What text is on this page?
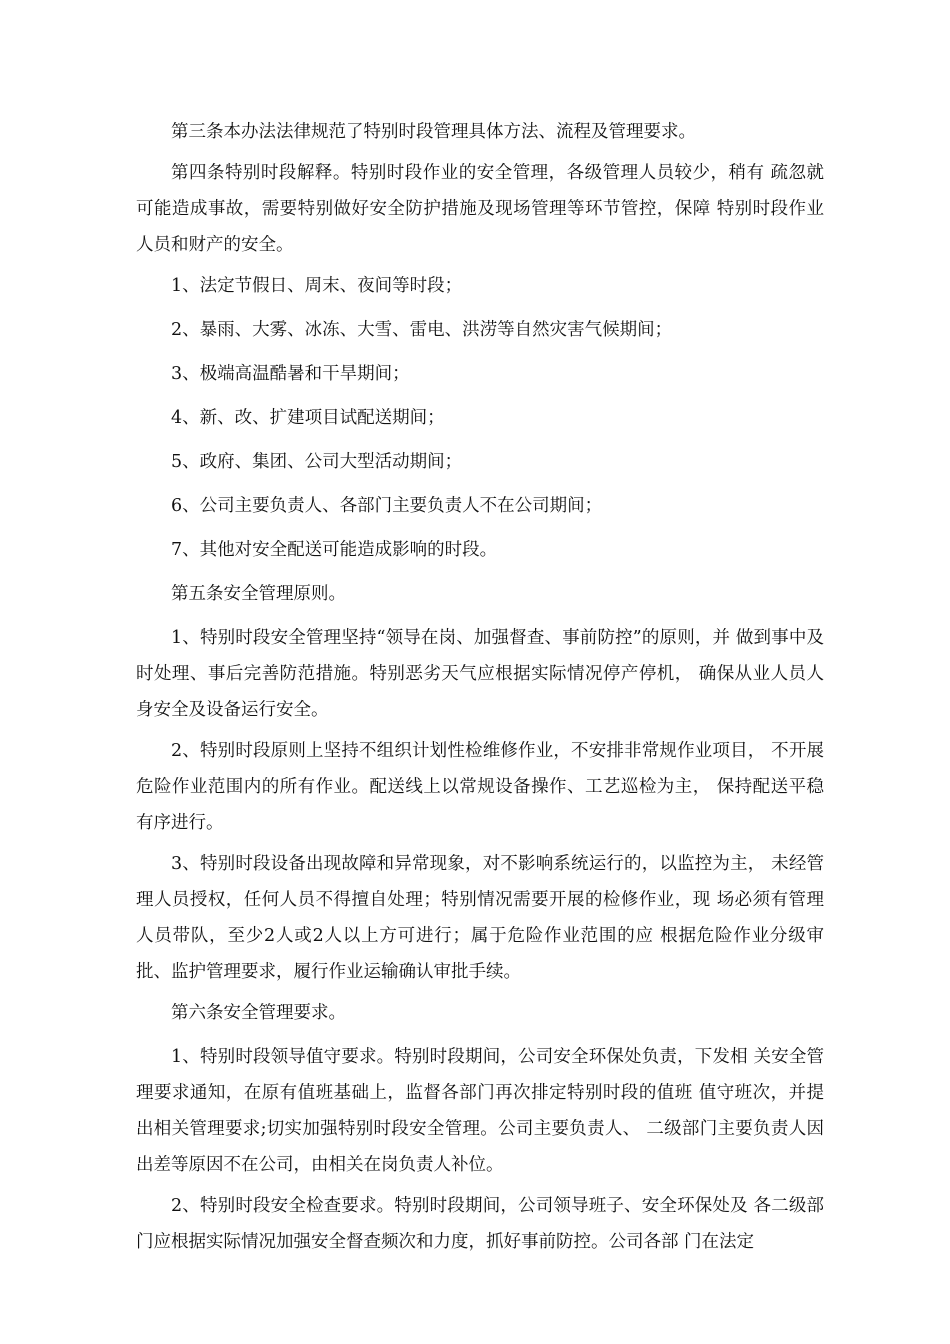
第三条本办法法律规范了特别时段管理具体方法、流程及管理要求。

第四条特别时段解释。特别时段作业的安全管理，各级管理人员较少，稍有 疏忽就可能造成事故，需要特别做好安全防护措施及现场管理等环节管控，保障 特别时段作业人员和财产的安全。

1、法定节假日、周末、夜间等时段；

2、暴雨、大雾、冰冻、大雪、雷电、洪涝等自然灾害气候期间；

3、极端高温酷暑和干旱期间；

4、新、改、扩建项目试配送期间；

5、政府、集团、公司大型活动期间；

6、公司主要负责人、各部门主要负责人不在公司期间；

7、其他对安全配送可能造成影响的时段。

第五条安全管理原则。

1、特别时段安全管理坚持“领导在岗、加强督查、事前防控”的原则，并 做到事中及时处理、事后完善防范措施。特别恶劣天气应根据实际情况停产停机， 确保从业人员人身安全及设备运行安全。

2、特别时段原则上坚持不组织计划性检维修作业，不安排非常规作业项目， 不开展危险作业范围内的所有作业。配送线上以常规设备操作、工艺巡检为主， 保持配送平稳有序进行。

3、特别时段设备出现故障和异常现象，对不影响系统运行的，以监控为主， 未经管理人员授权，任何人员不得擅自处理；特别情况需要开展的检修作业，现 场必须有管理人员带队，至少2人或2人以上方可进行；属于危险作业范围的应 根据危险作业分级审批、监护管理要求，履行作业运输确认审批手续。

第六条安全管理要求。

1、特别时段领导值守要求。特别时段期间，公司安全环保处负责，下发相 关安全管理要求通知，在原有值班基础上，监督各部门再次排定特别时段的值班 值守班次，并提出相关管理要求;切实加强特别时段安全管理。公司主要负责人、 二级部门主要负责人因出差等原因不在公司，由相关在岗负责人补位。

2、特别时段安全检查要求。特别时段期间，公司领导班子、安全环保处及 各二级部门应根据实际情况加强安全督查频次和力度，抓好事前防控。公司各部 门在法定
